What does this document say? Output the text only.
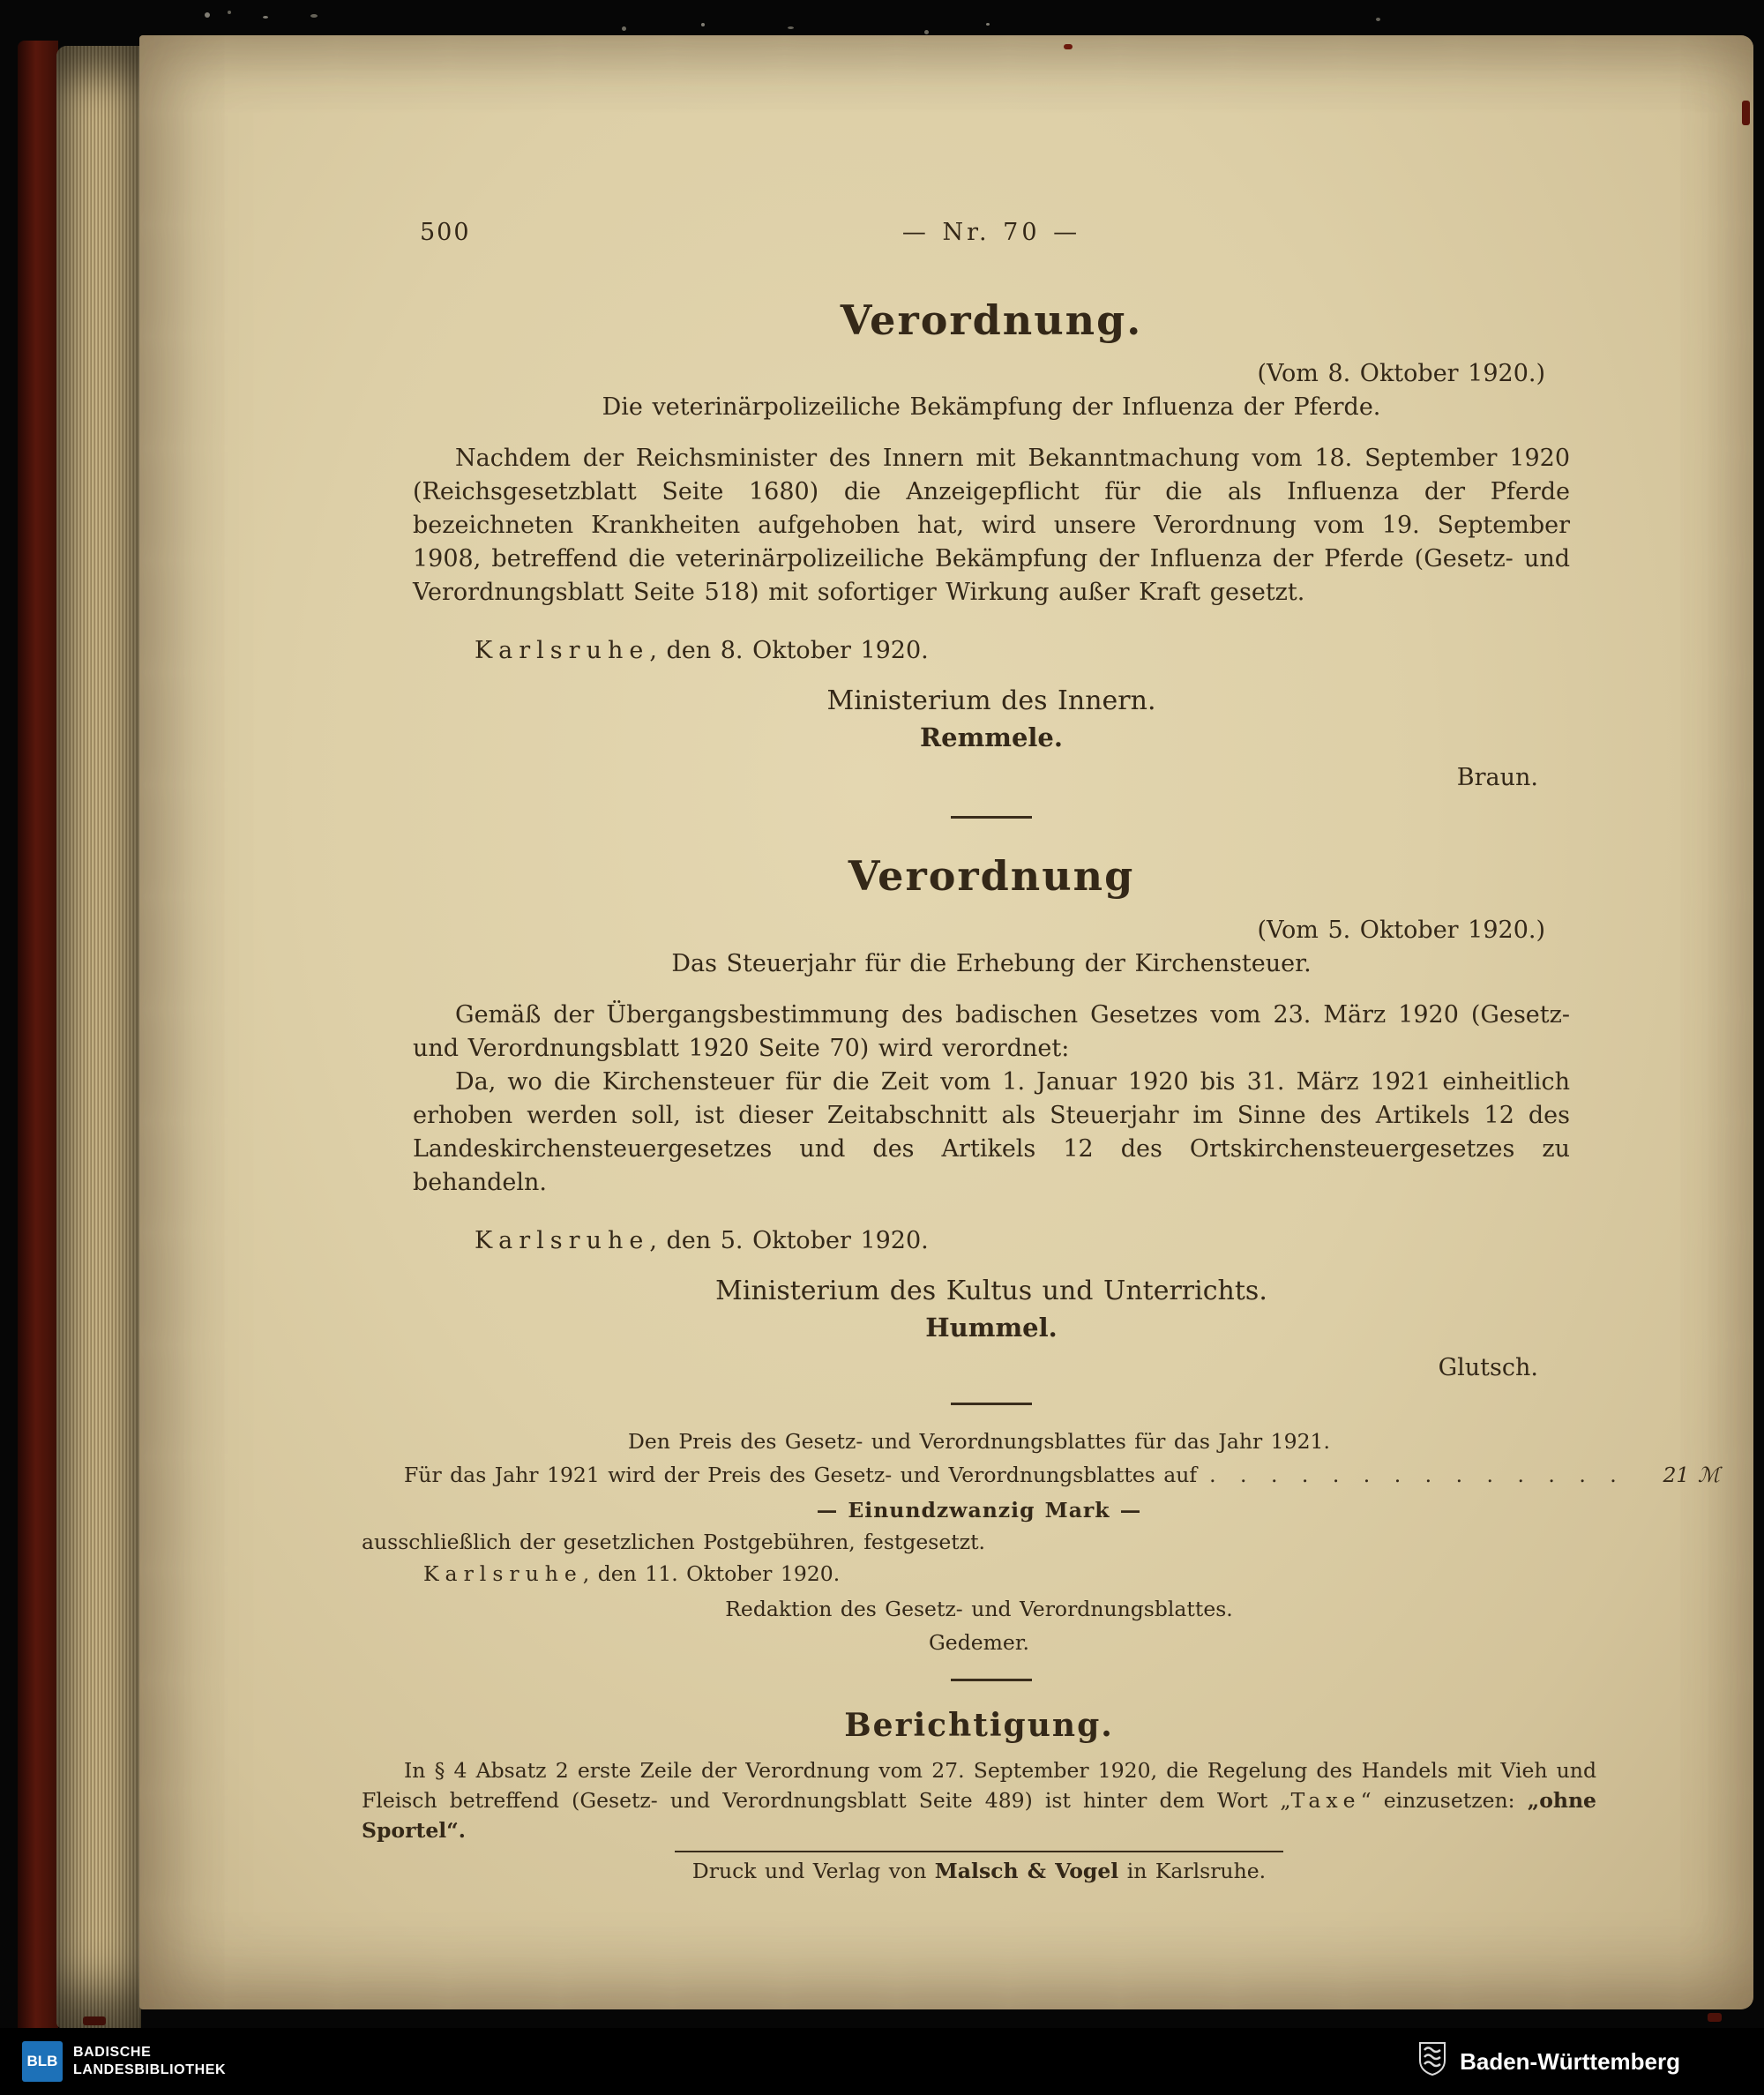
500	— Nr. 70 —
Verordnung.

(Vom 8. Oktober 1920.)

Die veterinärpolizeiliche Bekämpfung der Influenza der Pferde.

Nachdem der Reichsminister des Innern mit Bekanntmachung vom 18. September 1920 (Reichsgesetzblatt Seite 1680) die Anzeigepflicht für die als Influenza der Pferde bezeichneten Krankheiten aufgehoben hat, wird unsere Verordnung vom 19. September 1908, betreffend die veterinärpolizeiliche Bekämpfung der Influenza der Pferde (Gesetz- und Verordnungsblatt Seite 518) mit sofortiger Wirkung außer Kraft gesetzt.

Karlsruhe, den 8. Oktober 1920.

Ministerium des Innern.

Remmele.

Braun.

Verordnung

(Vom 5. Oktober 1920.)

Das Steuerjahr für die Erhebung der Kirchensteuer.

Gemäß der Übergangsbestimmung des badischen Gesetzes vom 23. März 1920 (Gesetz- und Verordnungsblatt 1920 Seite 70) wird verordnet:

Da, wo die Kirchensteuer für die Zeit vom 1. Januar 1920 bis 31. März 1921 einheitlich erhoben werden soll, ist dieser Zeitabschnitt als Steuerjahr im Sinne des Artikels 12 des Landeskirchensteuergesetzes und des Artikels 12 des Ortskirchensteuergesetzes zu behandeln.

Karlsruhe, den 5. Oktober 1920.

Ministerium des Kultus und Unterrichts.

Hummel.

Glutsch.

Den Preis des Gesetz- und Verordnungsblattes für das Jahr 1921.

Für das Jahr 1921 wird der Preis des Gesetz- und Verordnungsblattes auf . . . . . . . . . . . . . .	21 ℳ

— Einundzwanzig Mark —

ausschließlich der gesetzlichen Postgebühren, festgesetzt.

Karlsruhe, den 11. Oktober 1920.

Redaktion des Gesetz- und Verordnungsblattes.

Gedemer.

Berichtigung.

In § 4 Absatz 2 erste Zeile der Verordnung vom 27. September 1920, die Regelung des Handels mit Vieh und Fleisch betreffend (Gesetz- und Verordnungsblatt Seite 489) ist hinter dem Wort „Taxe“ einzusetzen: „ohne Sportel“.

Druck und Verlag von Malsch & Vogel in Karlsruhe.

BLB
BADISCHE
LANDESBIBLIOTHEK	Baden-Württemberg
